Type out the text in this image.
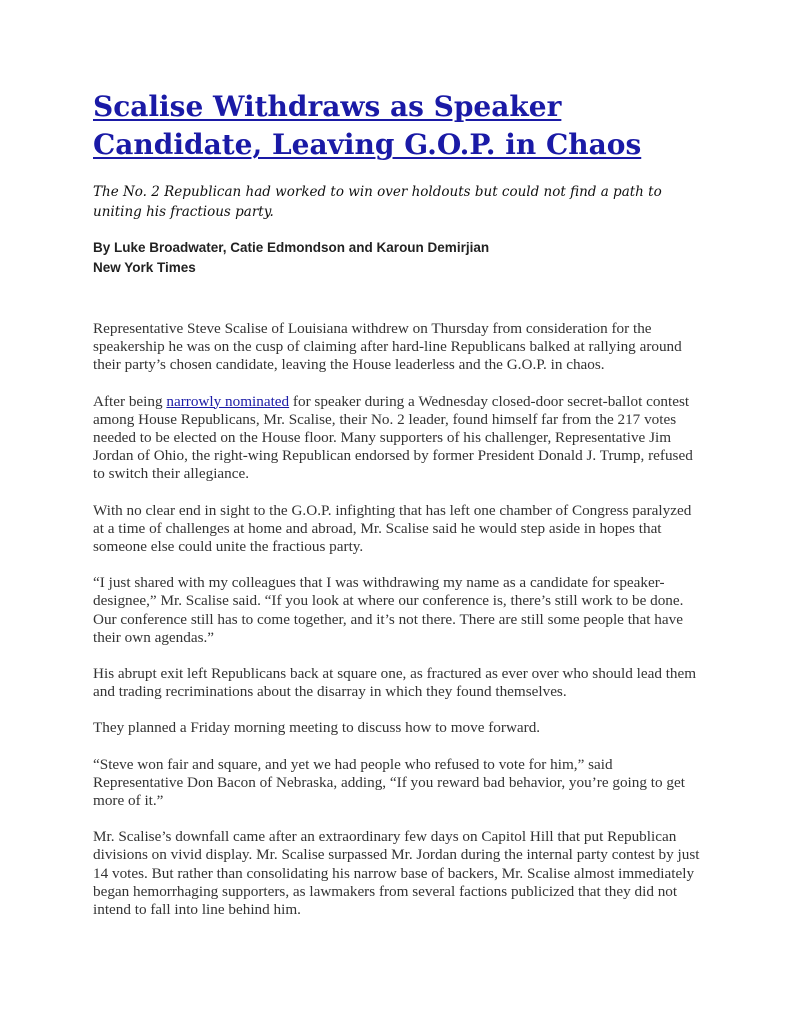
Scalise Withdraws as Speaker Candidate, Leaving G.O.P. in Chaos

The No. 2 Republican had worked to win over holdouts but could not find a path to uniting his fractious party.

By Luke Broadwater, Catie Edmondson and Karoun Demirjian
New York Times

Representative Steve Scalise of Louisiana withdrew on Thursday from consideration for the speakership he was on the cusp of claiming after hard-line Republicans balked at rallying around their party’s chosen candidate, leaving the House leaderless and the G.O.P. in chaos.

After being narrowly nominated for speaker during a Wednesday closed-door secret-ballot contest among House Republicans, Mr. Scalise, their No. 2 leader, found himself far from the 217 votes needed to be elected on the House floor. Many supporters of his challenger, Representative Jim Jordan of Ohio, the right-wing Republican endorsed by former President Donald J. Trump, refused to switch their allegiance.

With no clear end in sight to the G.O.P. infighting that has left one chamber of Congress paralyzed at a time of challenges at home and abroad, Mr. Scalise said he would step aside in hopes that someone else could unite the fractious party.

“I just shared with my colleagues that I was withdrawing my name as a candidate for speaker-designee,” Mr. Scalise said. “If you look at where our conference is, there’s still work to be done. Our conference still has to come together, and it’s not there. There are still some people that have their own agendas.”

His abrupt exit left Republicans back at square one, as fractured as ever over who should lead them and trading recriminations about the disarray in which they found themselves.

They planned a Friday morning meeting to discuss how to move forward.

“Steve won fair and square, and yet we had people who refused to vote for him,” said Representative Don Bacon of Nebraska, adding, “If you reward bad behavior, you’re going to get more of it.”

Mr. Scalise’s downfall came after an extraordinary few days on Capitol Hill that put Republican divisions on vivid display. Mr. Scalise surpassed Mr. Jordan during the internal party contest by just 14 votes. But rather than consolidating his narrow base of backers, Mr. Scalise almost immediately began hemorrhaging supporters, as lawmakers from several factions publicized that they did not intend to fall into line behind him.
